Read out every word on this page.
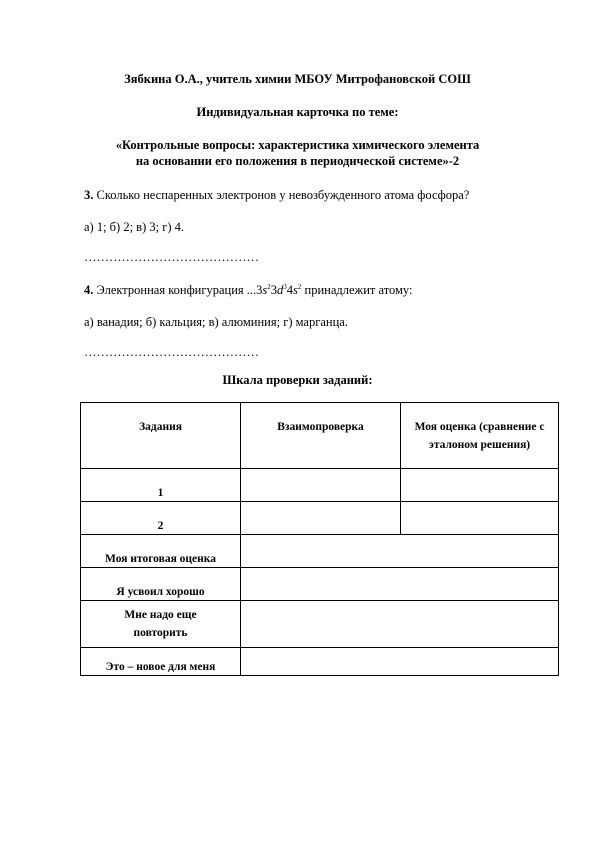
Зябкина О.А., учитель химии МБОУ Митрофановской СОШ
Индивидуальная карточка по теме:
«Контрольные вопросы: характеристика химического элемента
на основании его положения в периодической системе»-2
3. Сколько неспаренных электронов у невозбужденного атома фосфора?
а) 1; б) 2; в) 3; г) 4.
……………………………………
4. Электронная конфигурация $...3s^23d^34s^2$ принадлежит атому:
а) ванадия; б) кальция; в) алюминия; г) марганца.
……………………………………
Шкала проверки заданий:
Задания	Взаимопроверка	Моя оценка (сравнение с эталоном решения)
1		
2		
Моя итоговая оценка		
Я усвоил хорошо		
Мне надо еще повторить		
Это – новое для меня		
